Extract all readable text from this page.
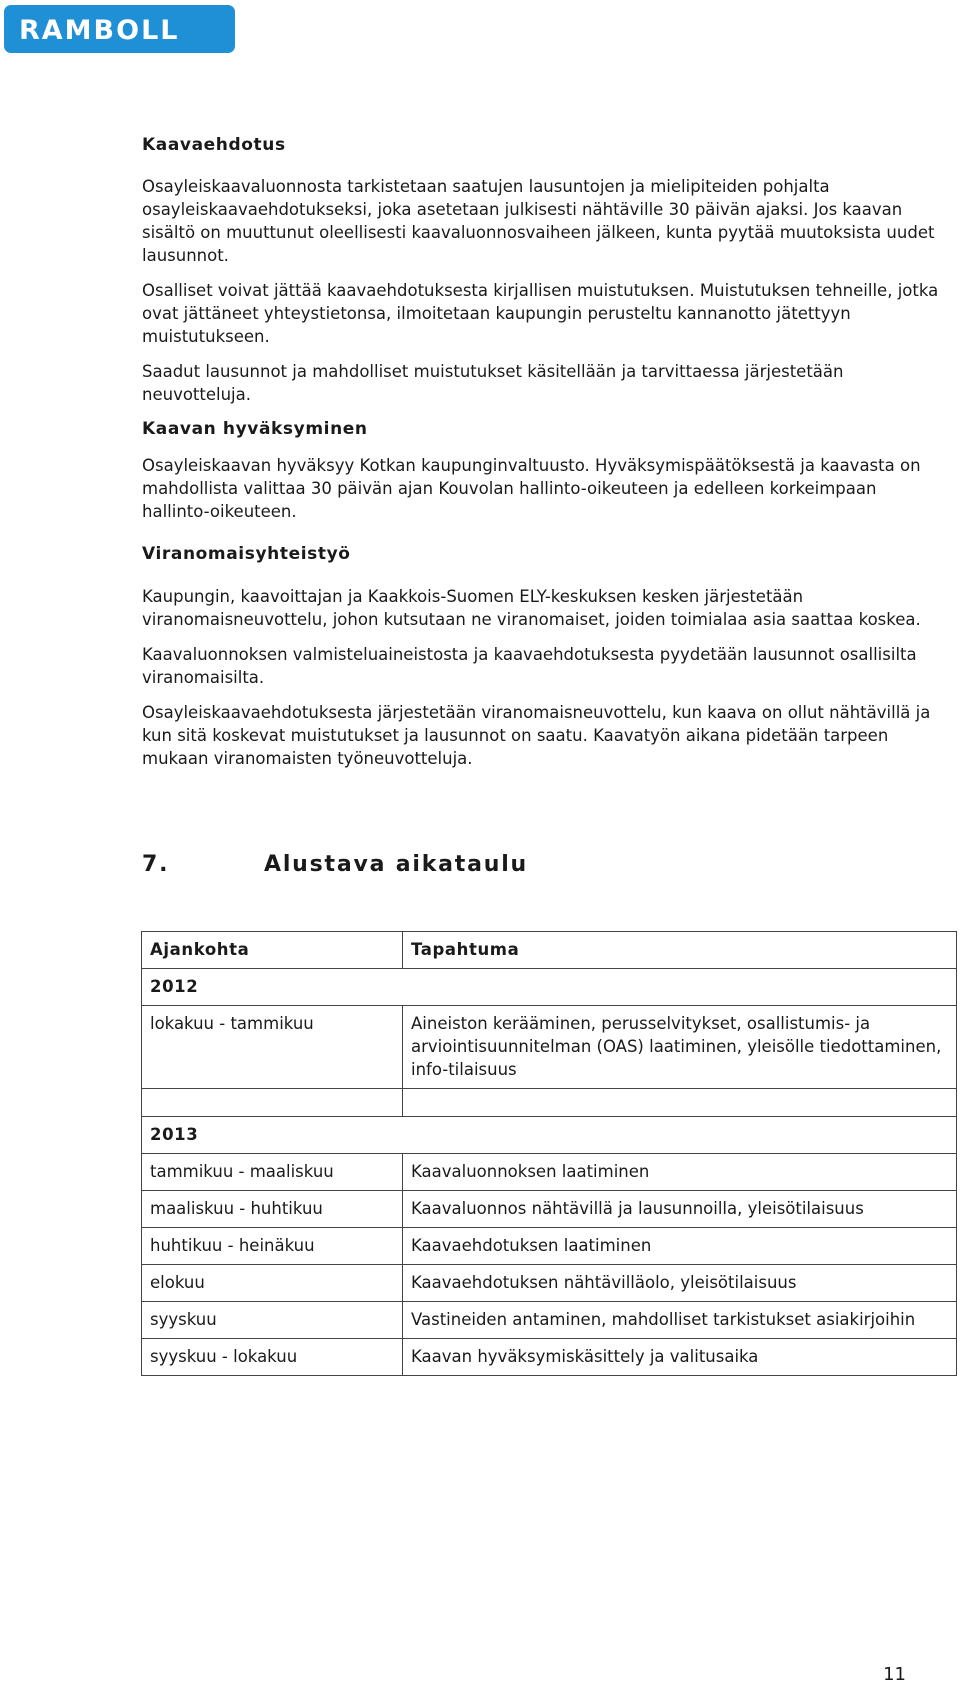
RAMBOLL
Kaavaehdotus

Osayleiskaavaluonnosta tarkistetaan saatujen lausuntojen ja mielipiteiden pohjalta osayleiskaavaehdotukseksi, joka asetetaan julkisesti nähtäville 30 päivän ajaksi. Jos kaavan sisältö on muuttunut oleellisesti kaavaluonnosvaiheen jälkeen, kunta pyytää muutoksista uudet lausunnot.

Osalliset voivat jättää kaavaehdotuksesta kirjallisen muistutuksen. Muistutuksen tehneille, jotka ovat jättäneet yhteystietonsa, ilmoitetaan kaupungin perusteltu kannanotto jätettyyn muistutukseen.

Saadut lausunnot ja mahdolliset muistutukset käsitellään ja tarvittaessa järjestetään neuvotteluja.

Kaavan hyväksyminen

Osayleiskaavan hyväksyy Kotkan kaupunginvaltuusto. Hyväksymispäätöksestä ja kaavasta on mahdollista valittaa 30 päivän ajan Kouvolan hallinto-oikeuteen ja edelleen korkeimpaan hallinto-oikeuteen.

Viranomaisyhteistyö

Kaupungin, kaavoittajan ja Kaakkois-Suomen ELY-keskuksen kesken järjestetään viranomaisneuvottelu, johon kutsutaan ne viranomaiset, joiden toimialaa asia saattaa koskea.

Kaavaluonnoksen valmisteluaineistosta ja kaavaehdotuksesta pyydetään lausunnot osallisilta viranomaisilta.

Osayleiskaavaehdotuksesta järjestetään viranomaisneuvottelu, kun kaava on ollut nähtävillä ja kun sitä koskevat muistutukset ja lausunnot on saatu. Kaavatyön aikana pidetään tarpeen mukaan viranomaisten työneuvotteluja.

7.	Alustava aikataulu
Ajankohta	Tapahtuma
2012	
lokakuu - tammikuu	Aineiston kerääminen, perusselvitykset, osallistumis- ja arviointisuunnitelman (OAS) laatiminen, yleisölle tiedottaminen, info-tilaisuus

2013	
tammikuu - maaliskuu	Kaavaluonnoksen laatiminen
maaliskuu - huhtikuu	Kaavaluonnos nähtävillä ja lausunnoilla, yleisötilaisuus
huhtikuu - heinäkuu	Kaavaehdotuksen laatiminen
elokuu	Kaavaehdotuksen nähtävilläolo, yleisötilaisuus
syyskuu	Vastineiden antaminen, mahdolliset tarkistukset asiakirjoihin
syyskuu - lokakuu	Kaavan hyväksymiskäsittely ja valitusaika
11
